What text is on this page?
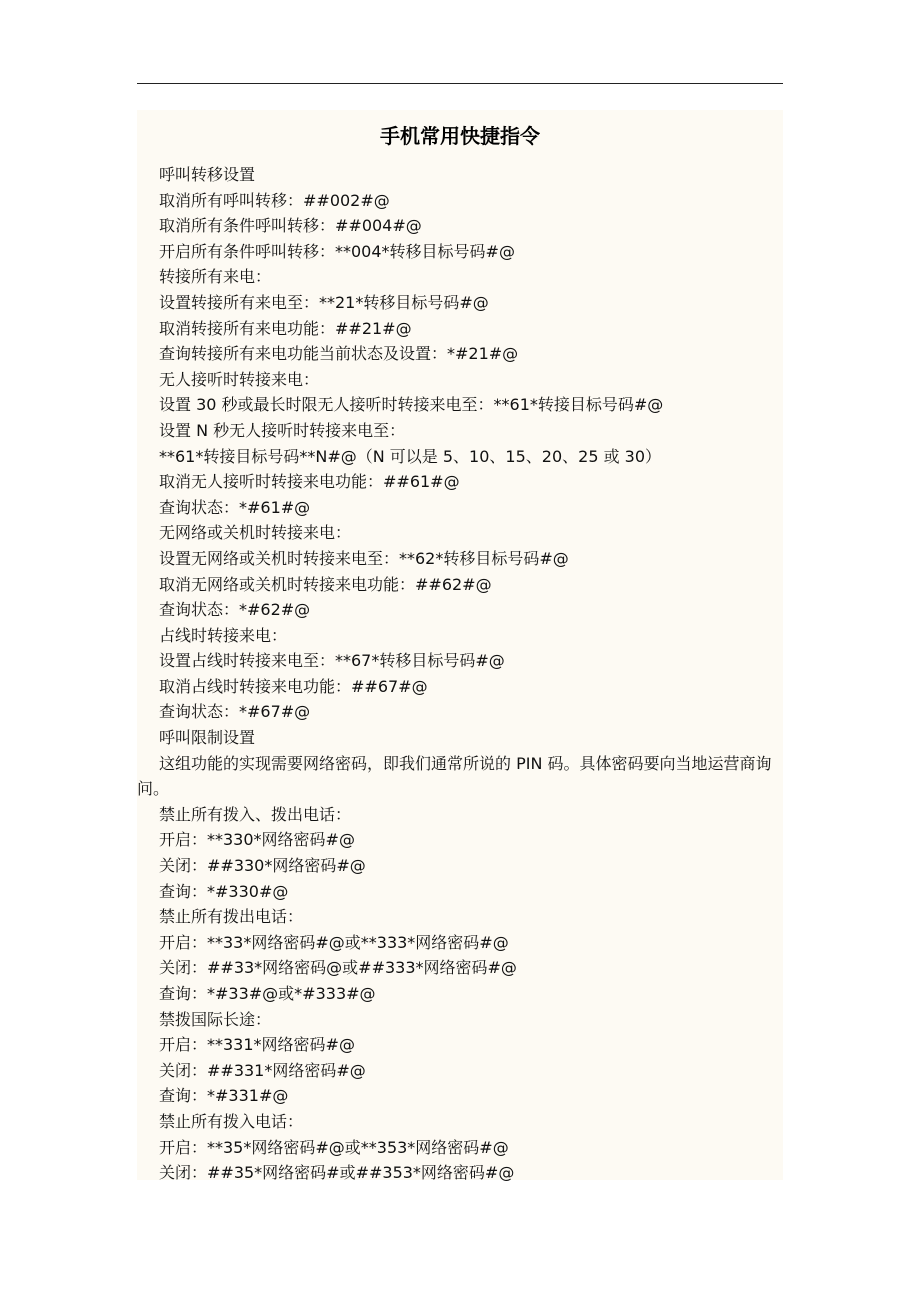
手机常用快捷指令
呼叫转移设置
取消所有呼叫转移：##002#@
取消所有条件呼叫转移：##004#@
开启所有条件呼叫转移：**004*转移目标号码#@
转接所有来电：
设置转接所有来电至：**21*转移目标号码#@
取消转接所有来电功能：##21#@
查询转接所有来电功能当前状态及设置：*#21#@
无人接听时转接来电：
设置 30 秒或最长时限无人接听时转接来电至：**61*转接目标号码#@
设置 N 秒无人接听时转接来电至：
**61*转接目标号码**N#@（N 可以是 5、10、15、20、25 或 30）
取消无人接听时转接来电功能：##61#@
查询状态：*#61#@
无网络或关机时转接来电：
设置无网络或关机时转接来电至：**62*转移目标号码#@
取消无网络或关机时转接来电功能：##62#@
查询状态：*#62#@
占线时转接来电：
设置占线时转接来电至：**67*转移目标号码#@
取消占线时转接来电功能：##67#@
查询状态：*#67#@
呼叫限制设置
这组功能的实现需要网络密码，即我们通常所说的 PIN 码。具体密码要向当地运营商询问。
禁止所有拨入、拨出电话：
开启：**330*网络密码#@
关闭：##330*网络密码#@
查询：*#330#@
禁止所有拨出电话：
开启：**33*网络密码#@或**333*网络密码#@
关闭：##33*网络密码@或##333*网络密码#@
查询：*#33#@或*#333#@
禁拨国际长途：
开启：**331*网络密码#@
关闭：##331*网络密码#@
查询：*#331#@
禁止所有拨入电话：
开启：**35*网络密码#@或**353*网络密码#@
关闭：##35*网络密码#或##353*网络密码#@
